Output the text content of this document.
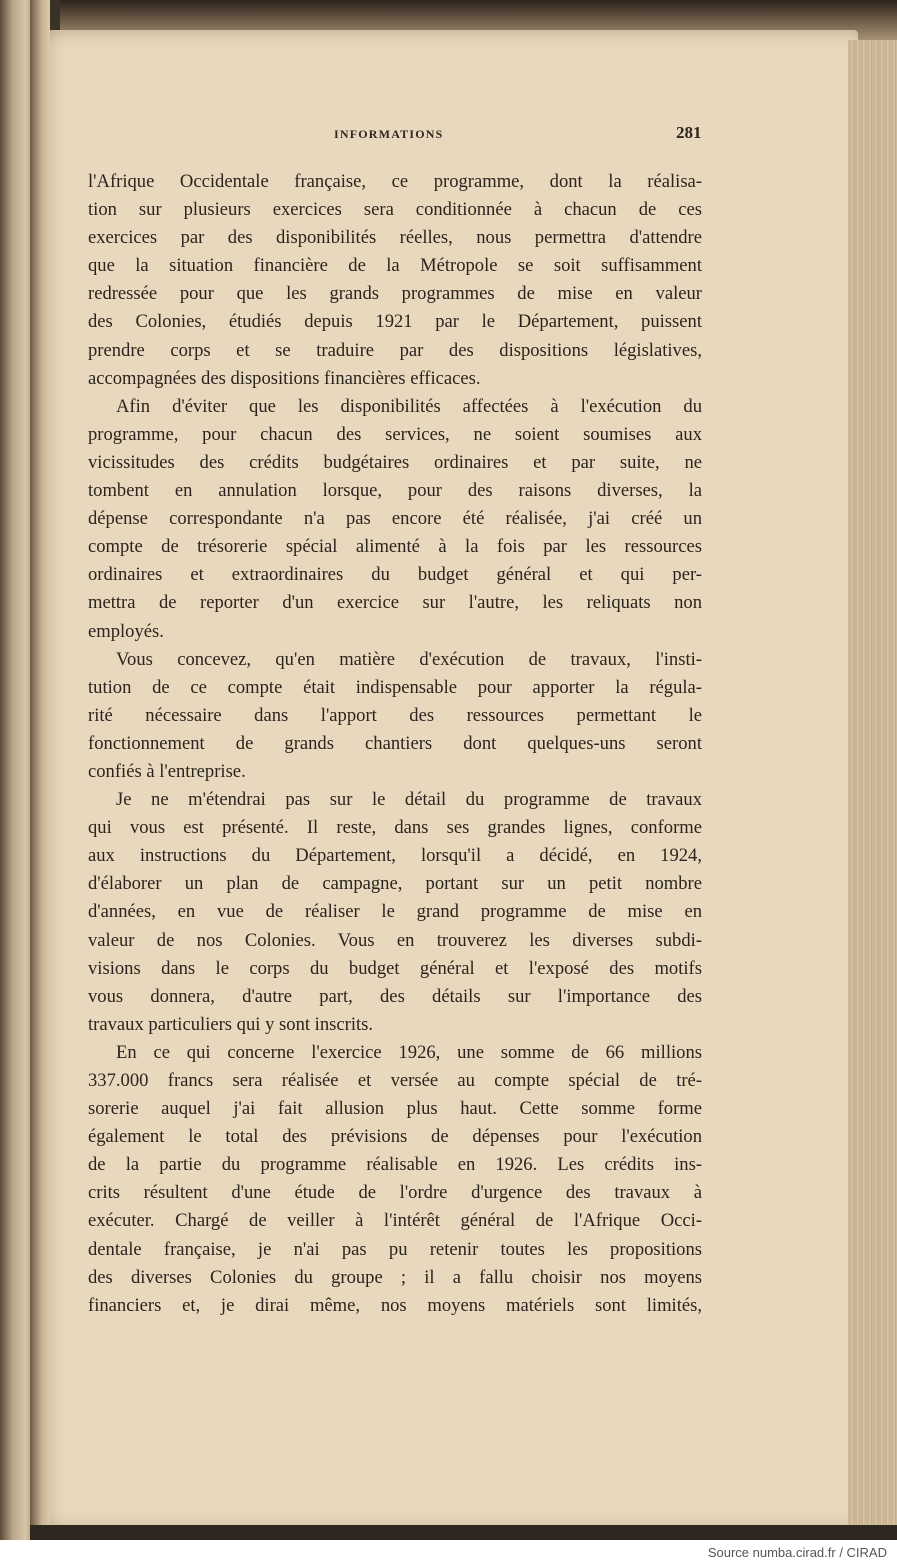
INFORMATIONS	281
l'Afrique Occidentale française, ce programme, dont la réalisa-
tion sur plusieurs exercices sera conditionnée à chacun de ces
exercices par des disponibilités réelles, nous permettra d'attendre
que la situation financière de la Métropole se soit suffisamment
redressée pour que les grands programmes de mise en valeur
des Colonies, étudiés depuis 1921 par le Département, puissent
prendre corps et se traduire par des dispositions législatives,
accompagnées des dispositions financières efficaces.
Afin d'éviter que les disponibilités affectées à l'exécution du
programme, pour chacun des services, ne soient soumises aux
vicissitudes des crédits budgétaires ordinaires et par suite, ne
tombent en annulation lorsque, pour des raisons diverses, la
dépense correspondante n'a pas encore été réalisée, j'ai créé un
compte de trésorerie spécial alimenté à la fois par les ressources
ordinaires et extraordinaires du budget général et qui per-
mettra de reporter d'un exercice sur l'autre, les reliquats non
employés.
Vous concevez, qu'en matière d'exécution de travaux, l'insti-
tution de ce compte était indispensable pour apporter la régula-
rité nécessaire dans l'apport des ressources permettant le
fonctionnement de grands chantiers dont quelques-uns seront
confiés à l'entreprise.
Je ne m'étendrai pas sur le détail du programme de travaux
qui vous est présenté. Il reste, dans ses grandes lignes, conforme
aux instructions du Département, lorsqu'il a décidé, en 1924,
d'élaborer un plan de campagne, portant sur un petit nombre
d'années, en vue de réaliser le grand programme de mise en
valeur de nos Colonies. Vous en trouverez les diverses subdi-
visions dans le corps du budget général et l'exposé des motifs
vous donnera, d'autre part, des détails sur l'importance des
travaux particuliers qui y sont inscrits.
En ce qui concerne l'exercice 1926, une somme de 66 millions
337.000 francs sera réalisée et versée au compte spécial de tré-
sorerie auquel j'ai fait allusion plus haut. Cette somme forme
également le total des prévisions de dépenses pour l'exécution
de la partie du programme réalisable en 1926. Les crédits ins-
crits résultent d'une étude de l'ordre d'urgence des travaux à
exécuter. Chargé de veiller à l'intérêt général de l'Afrique Occi-
dentale française, je n'ai pas pu retenir toutes les propositions
des diverses Colonies du groupe ; il a fallu choisir nos moyens
financiers et, je dirai même, nos moyens matériels sont limités,
Source numba.cirad.fr / CIRAD
